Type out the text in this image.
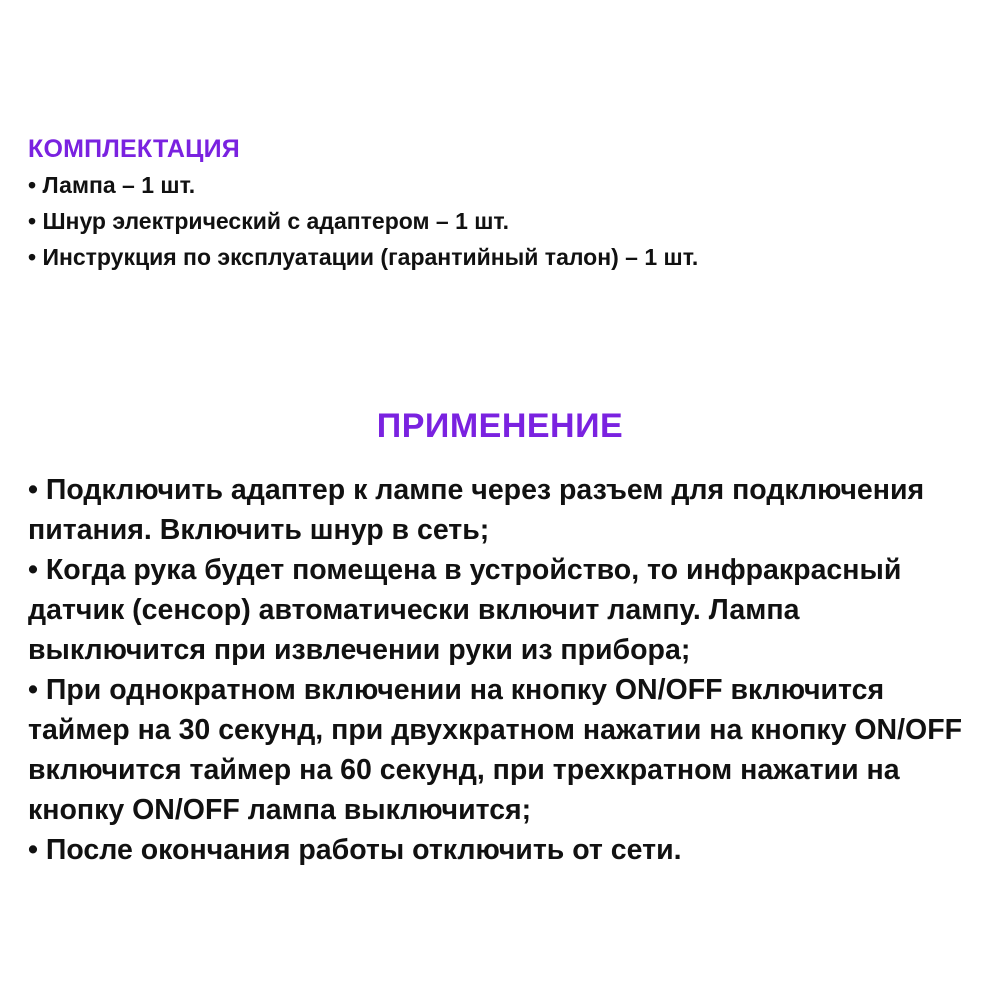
КОМПЛЕКТАЦИЯ
• Лампа – 1 шт.
• Шнур электрический с адаптером – 1 шт.
• Инструкция по эксплуатации (гарантийный талон) – 1 шт.
ПРИМЕНЕНИЕ
• Подключить адаптер к лампе через разъем для подключения питания. Включить шнур в сеть;
• Когда рука будет помещена в устройство, то инфракрасный датчик (сенсор) автоматически включит лампу. Лампа выключится при извлечении руки из прибора;
• При однократном включении на кнопку ON/OFF включится таймер на 30 секунд, при двухкратном нажатии на кнопку ON/OFF включится таймер на 60 секунд, при трехкратном нажатии на кнопку ON/OFF лампа выключится;
• После окончания работы отключить от сети.
